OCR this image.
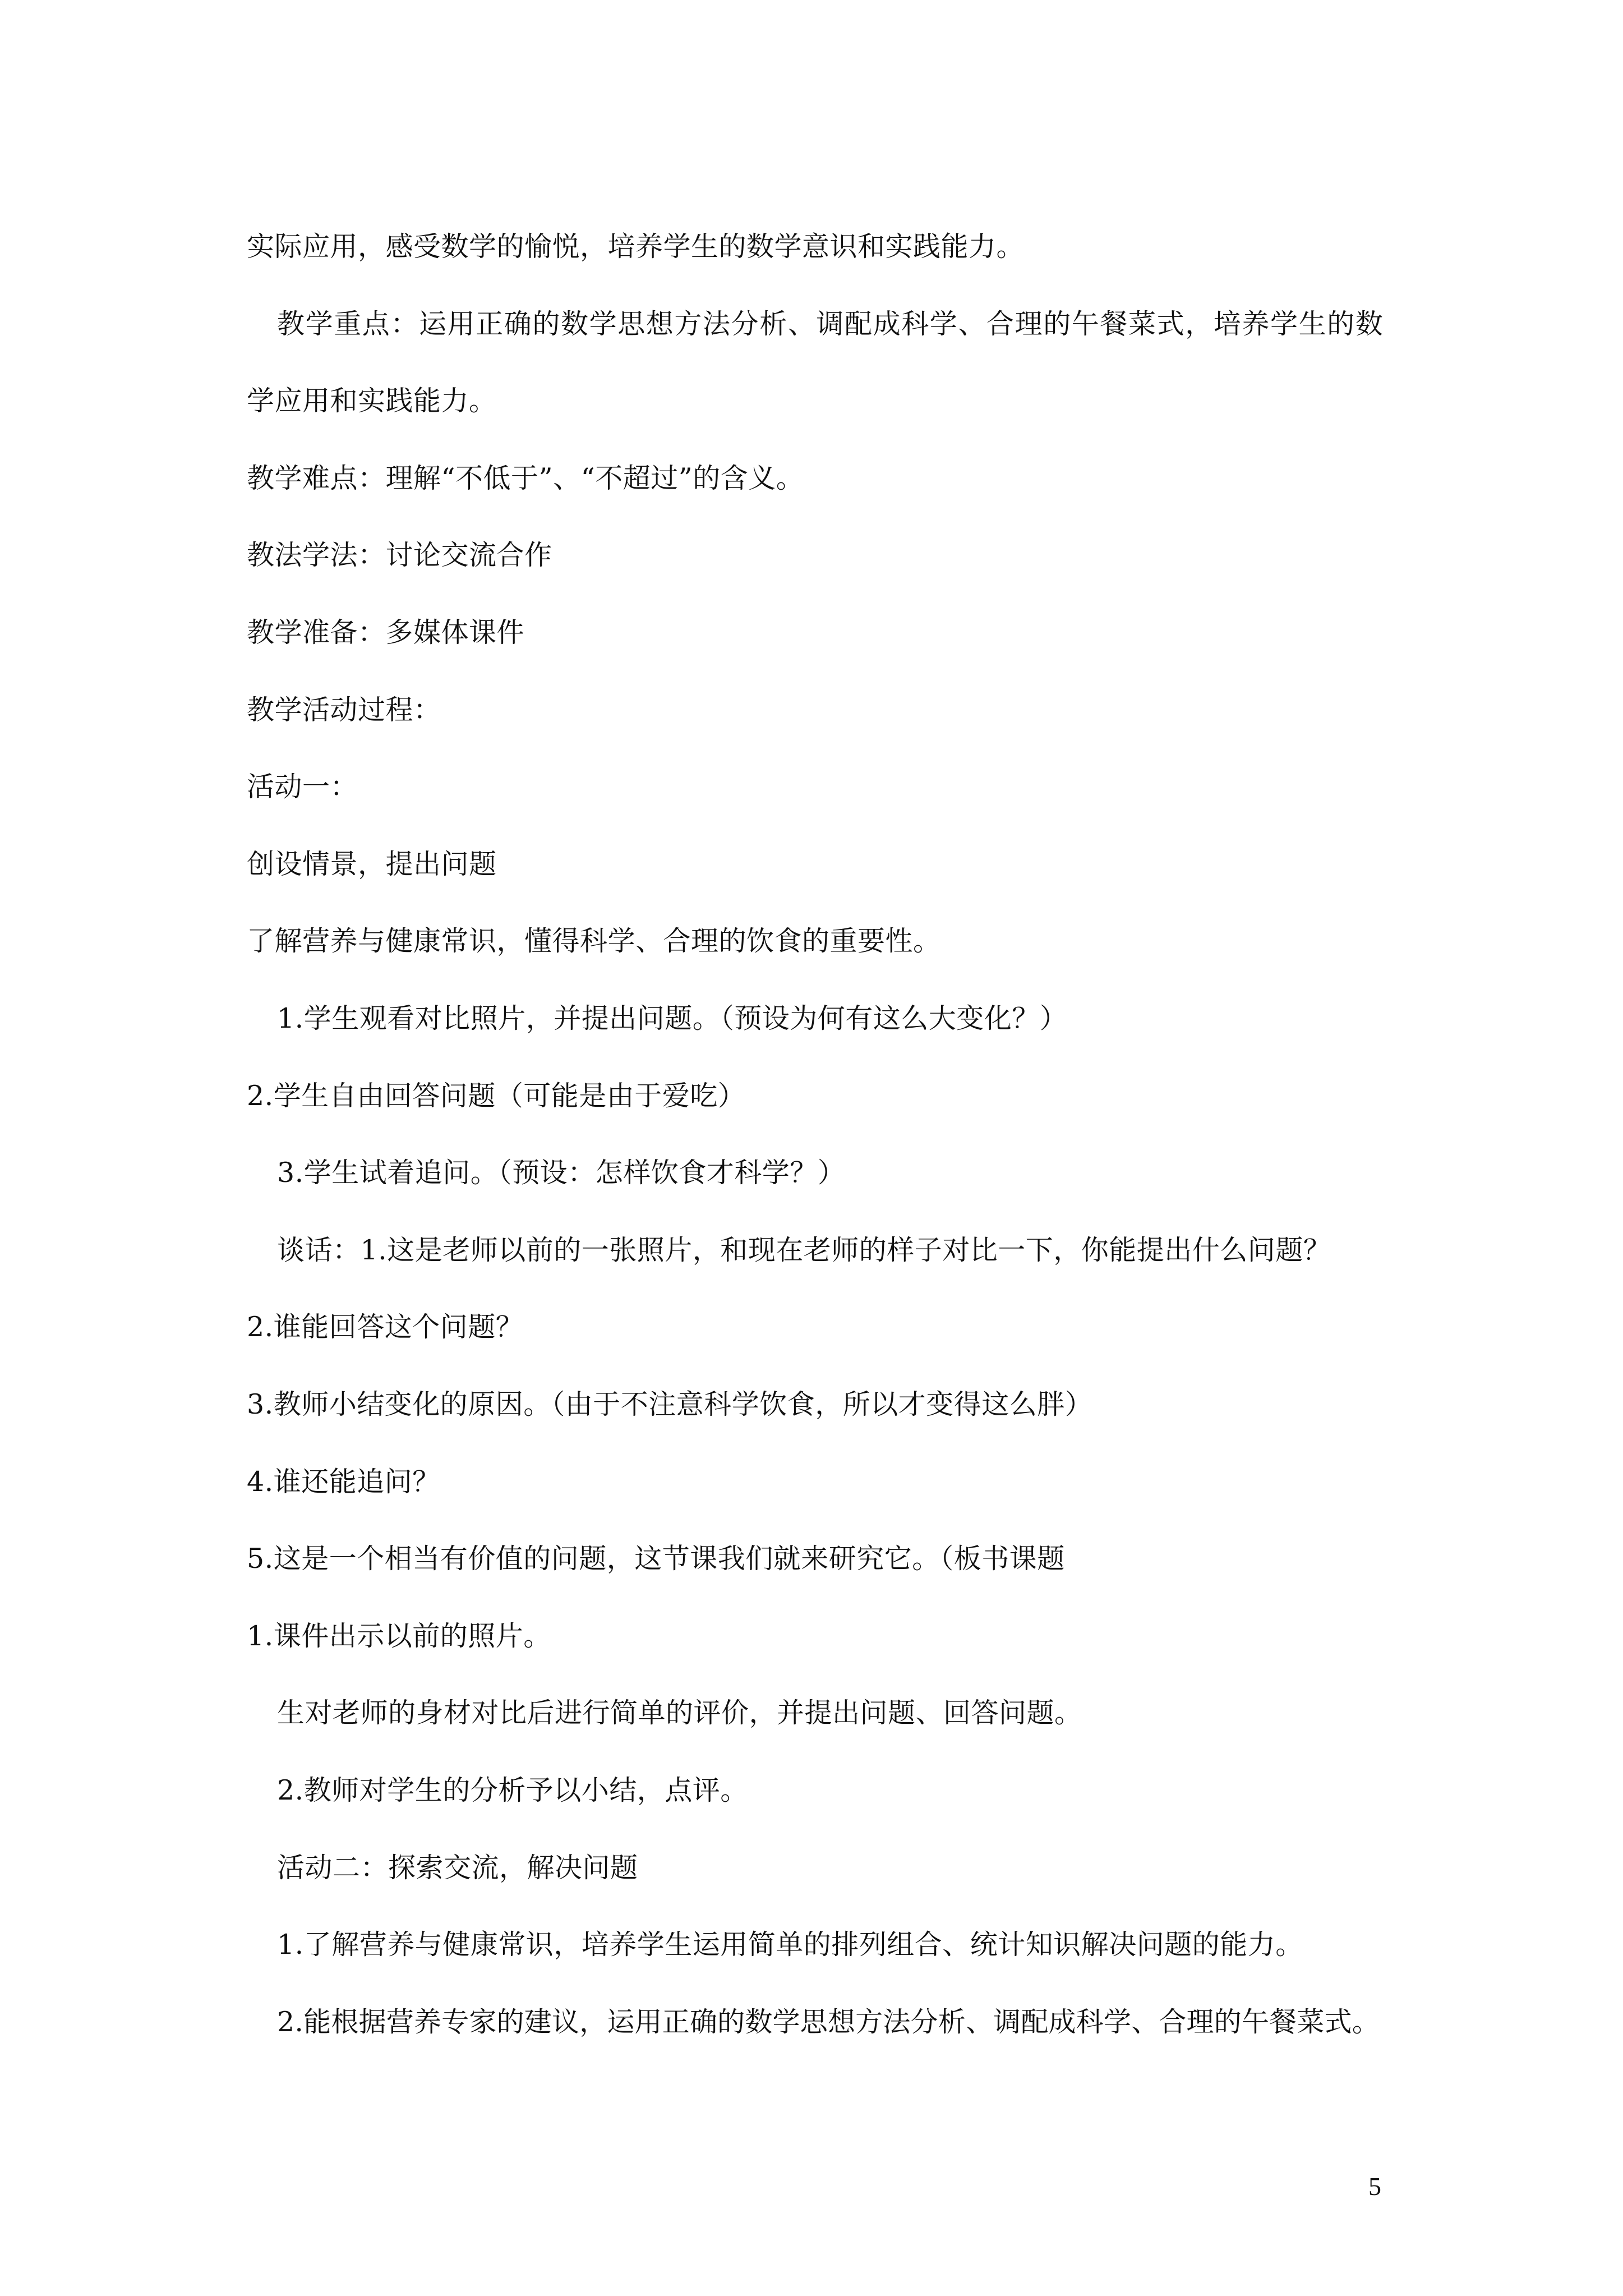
实际应用，感受数学的愉悦，培养学生的数学意识和实践能力。
教学重点：运用正确的数学思想方法分析、调配成科学、合理的午餐菜式，培养学生的数
学应用和实践能力。
教学难点：理解“不低于”、“不超过”的含义。
教法学法：讨论交流合作
教学准备：多媒体课件
教学活动过程：
活动一：
创设情景，提出问题
了解营养与健康常识，懂得科学、合理的饮食的重要性。
1.学生观看对比照片，并提出问题。（预设为何有这么大变化？）
2.学生自由回答问题（可能是由于爱吃）
3.学生试着追问。（预设：怎样饮食才科学？）
谈话：1.这是老师以前的一张照片，和现在老师的样子对比一下，你能提出什么问题？
2.谁能回答这个问题？
3.教师小结变化的原因。（由于不注意科学饮食，所以才变得这么胖）
4.谁还能追问？
5.这是一个相当有价值的问题，这节课我们就来研究它。（板书课题
1.课件出示以前的照片。
生对老师的身材对比后进行简单的评价，并提出问题、回答问题。
2.教师对学生的分析予以小结，点评。
活动二：探索交流，解决问题
1.了解营养与健康常识，培养学生运用简单的排列组合、统计知识解决问题的能力。
2.能根据营养专家的建议，运用正确的数学思想方法分析、调配成科学、合理的午餐菜式。
5
